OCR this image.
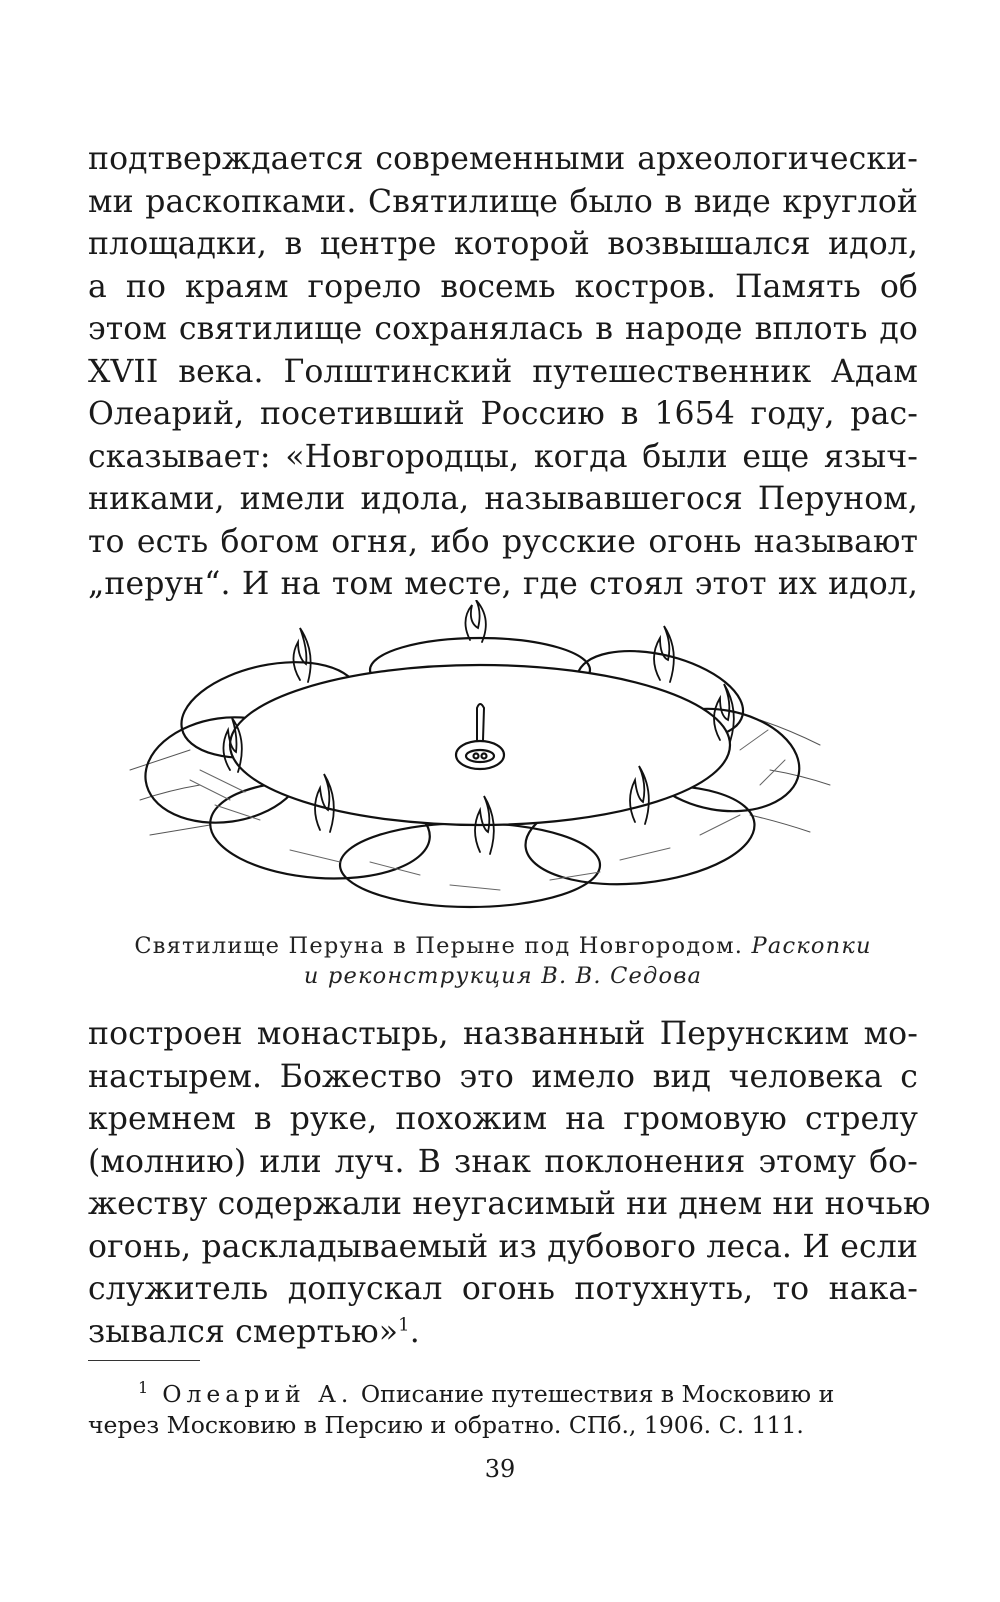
подтверждается современными археологически-
ми раскопками. Святилище было в виде круглой
площадки, в центре которой возвышался идол,
а по краям горело восемь костров. Память об
этом святилище сохранялась в народе вплоть до
XVII века. Голштинский путешественник Адам
Олеарий, посетивший Россию в 1654 году, рас-
сказывает: «Новгородцы, когда были еще языч-
никами, имели идола, называвшегося Перуном,
то есть богом огня, ибо русские огонь называют
„перун“. И на том месте, где стоял этот их идол,
Святилище Перуна в Перыне под Новгородом. Раскопки
и реконструкция В. В. Седова
построен монастырь, названный Перунским мо-
настырем. Божество это имело вид человека с
кремнем в руке, похожим на громовую стрелу
(молнию) или луч. В знак поклонения этому бо-
жеству содержали неугасимый ни днем ни ночью
огонь, раскладываемый из дубового леса. И если
служитель допускал огонь потухнуть, то нака-
зывался смертью»$^1$.
$^1$ Олеарий А. Описание путешествия в Московию и
через Московию в Персию и обратно. СПб., 1906. С. 111.
39
